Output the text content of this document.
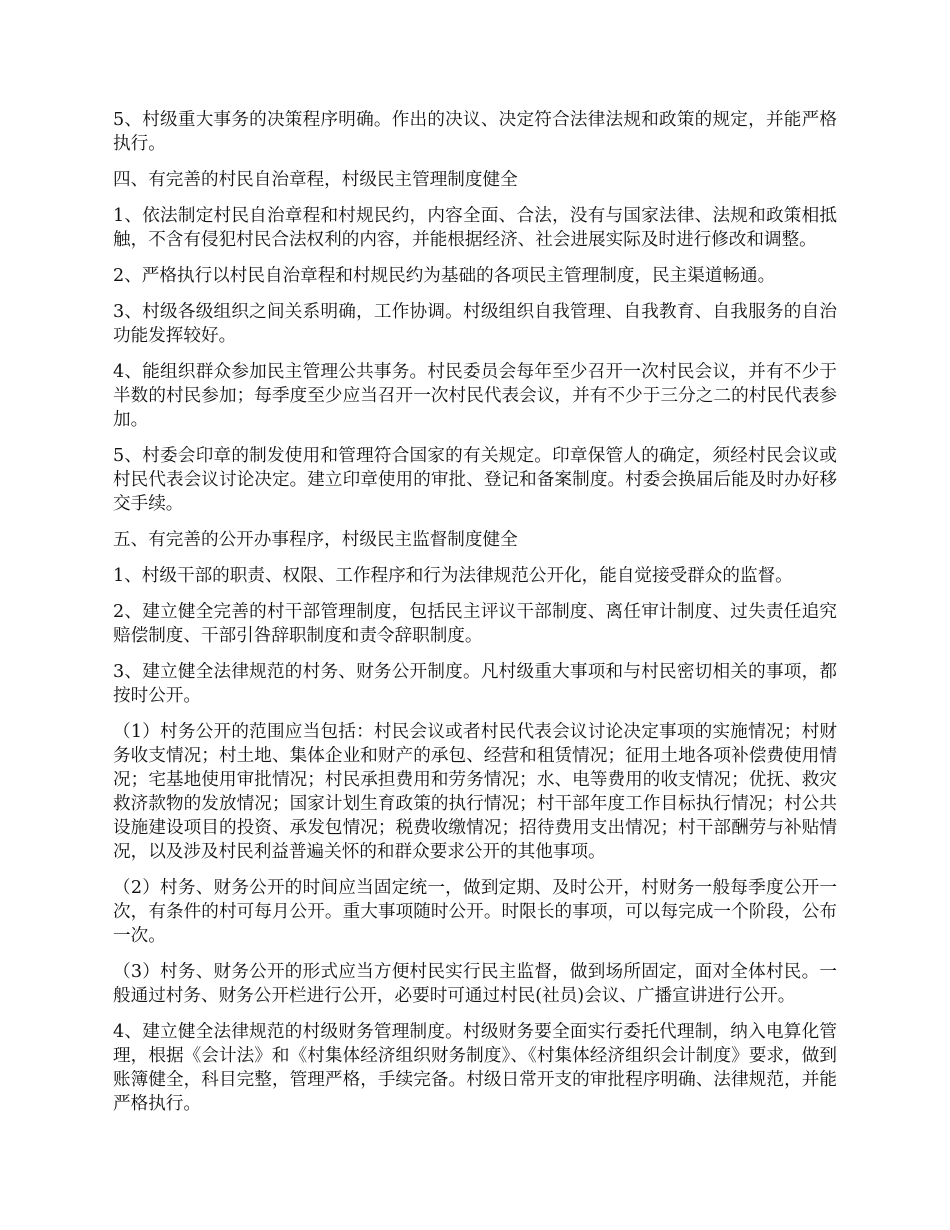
5、村级重大事务的决策程序明确。作出的决议、决定符合法律法规和政策的规定，并能严格执行。

四、有完善的村民自治章程，村级民主管理制度健全

1、依法制定村民自治章程和村规民约，内容全面、合法，没有与国家法律、法规和政策相抵触，不含有侵犯村民合法权利的内容，并能根据经济、社会进展实际及时进行修改和调整。

2、严格执行以村民自治章程和村规民约为基础的各项民主管理制度，民主渠道畅通。

3、村级各级组织之间关系明确，工作协调。村级组织自我管理、自我教育、自我服务的自治功能发挥较好。

4、能组织群众参加民主管理公共事务。村民委员会每年至少召开一次村民会议，并有不少于半数的村民参加；每季度至少应当召开一次村民代表会议，并有不少于三分之二的村民代表参加。

5、村委会印章的制发使用和管理符合国家的有关规定。印章保管人的确定，须经村民会议或村民代表会议讨论决定。建立印章使用的审批、登记和备案制度。村委会换届后能及时办好移交手续。

五、有完善的公开办事程序，村级民主监督制度健全

1、村级干部的职责、权限、工作程序和行为法律规范公开化，能自觉接受群众的监督。

2、建立健全完善的村干部管理制度，包括民主评议干部制度、离任审计制度、过失责任追究赔偿制度、干部引咎辞职制度和责令辞职制度。

3、建立健全法律规范的村务、财务公开制度。凡村级重大事项和与村民密切相关的事项，都按时公开。

（1）村务公开的范围应当包括：村民会议或者村民代表会议讨论决定事项的实施情况；村财务收支情况；村土地、集体企业和财产的承包、经营和租赁情况；征用土地各项补偿费使用情况；宅基地使用审批情况；村民承担费用和劳务情况；水、电等费用的收支情况；优抚、救灾救济款物的发放情况；国家计划生育政策的执行情况；村干部年度工作目标执行情况；村公共设施建设项目的投资、承发包情况；税费收缴情况；招待费用支出情况；村干部酬劳与补贴情况，以及涉及村民利益普遍关怀的和群众要求公开的其他事项。

（2）村务、财务公开的时间应当固定统一，做到定期、及时公开，村财务一般每季度公开一次，有条件的村可每月公开。重大事项随时公开。时限长的事项，可以每完成一个阶段，公布一次。

（3）村务、财务公开的形式应当方便村民实行民主监督，做到场所固定，面对全体村民。一般通过村务、财务公开栏进行公开，必要时可通过村民(社员)会议、广播宣讲进行公开。

4、建立健全法律规范的村级财务管理制度。村级财务要全面实行委托代理制，纳入电算化管理，根据《会计法》和《村集体经济组织财务制度》、《村集体经济组织会计制度》要求，做到账簿健全，科目完整，管理严格，手续完备。村级日常开支的审批程序明确、法律规范，并能严格执行。
